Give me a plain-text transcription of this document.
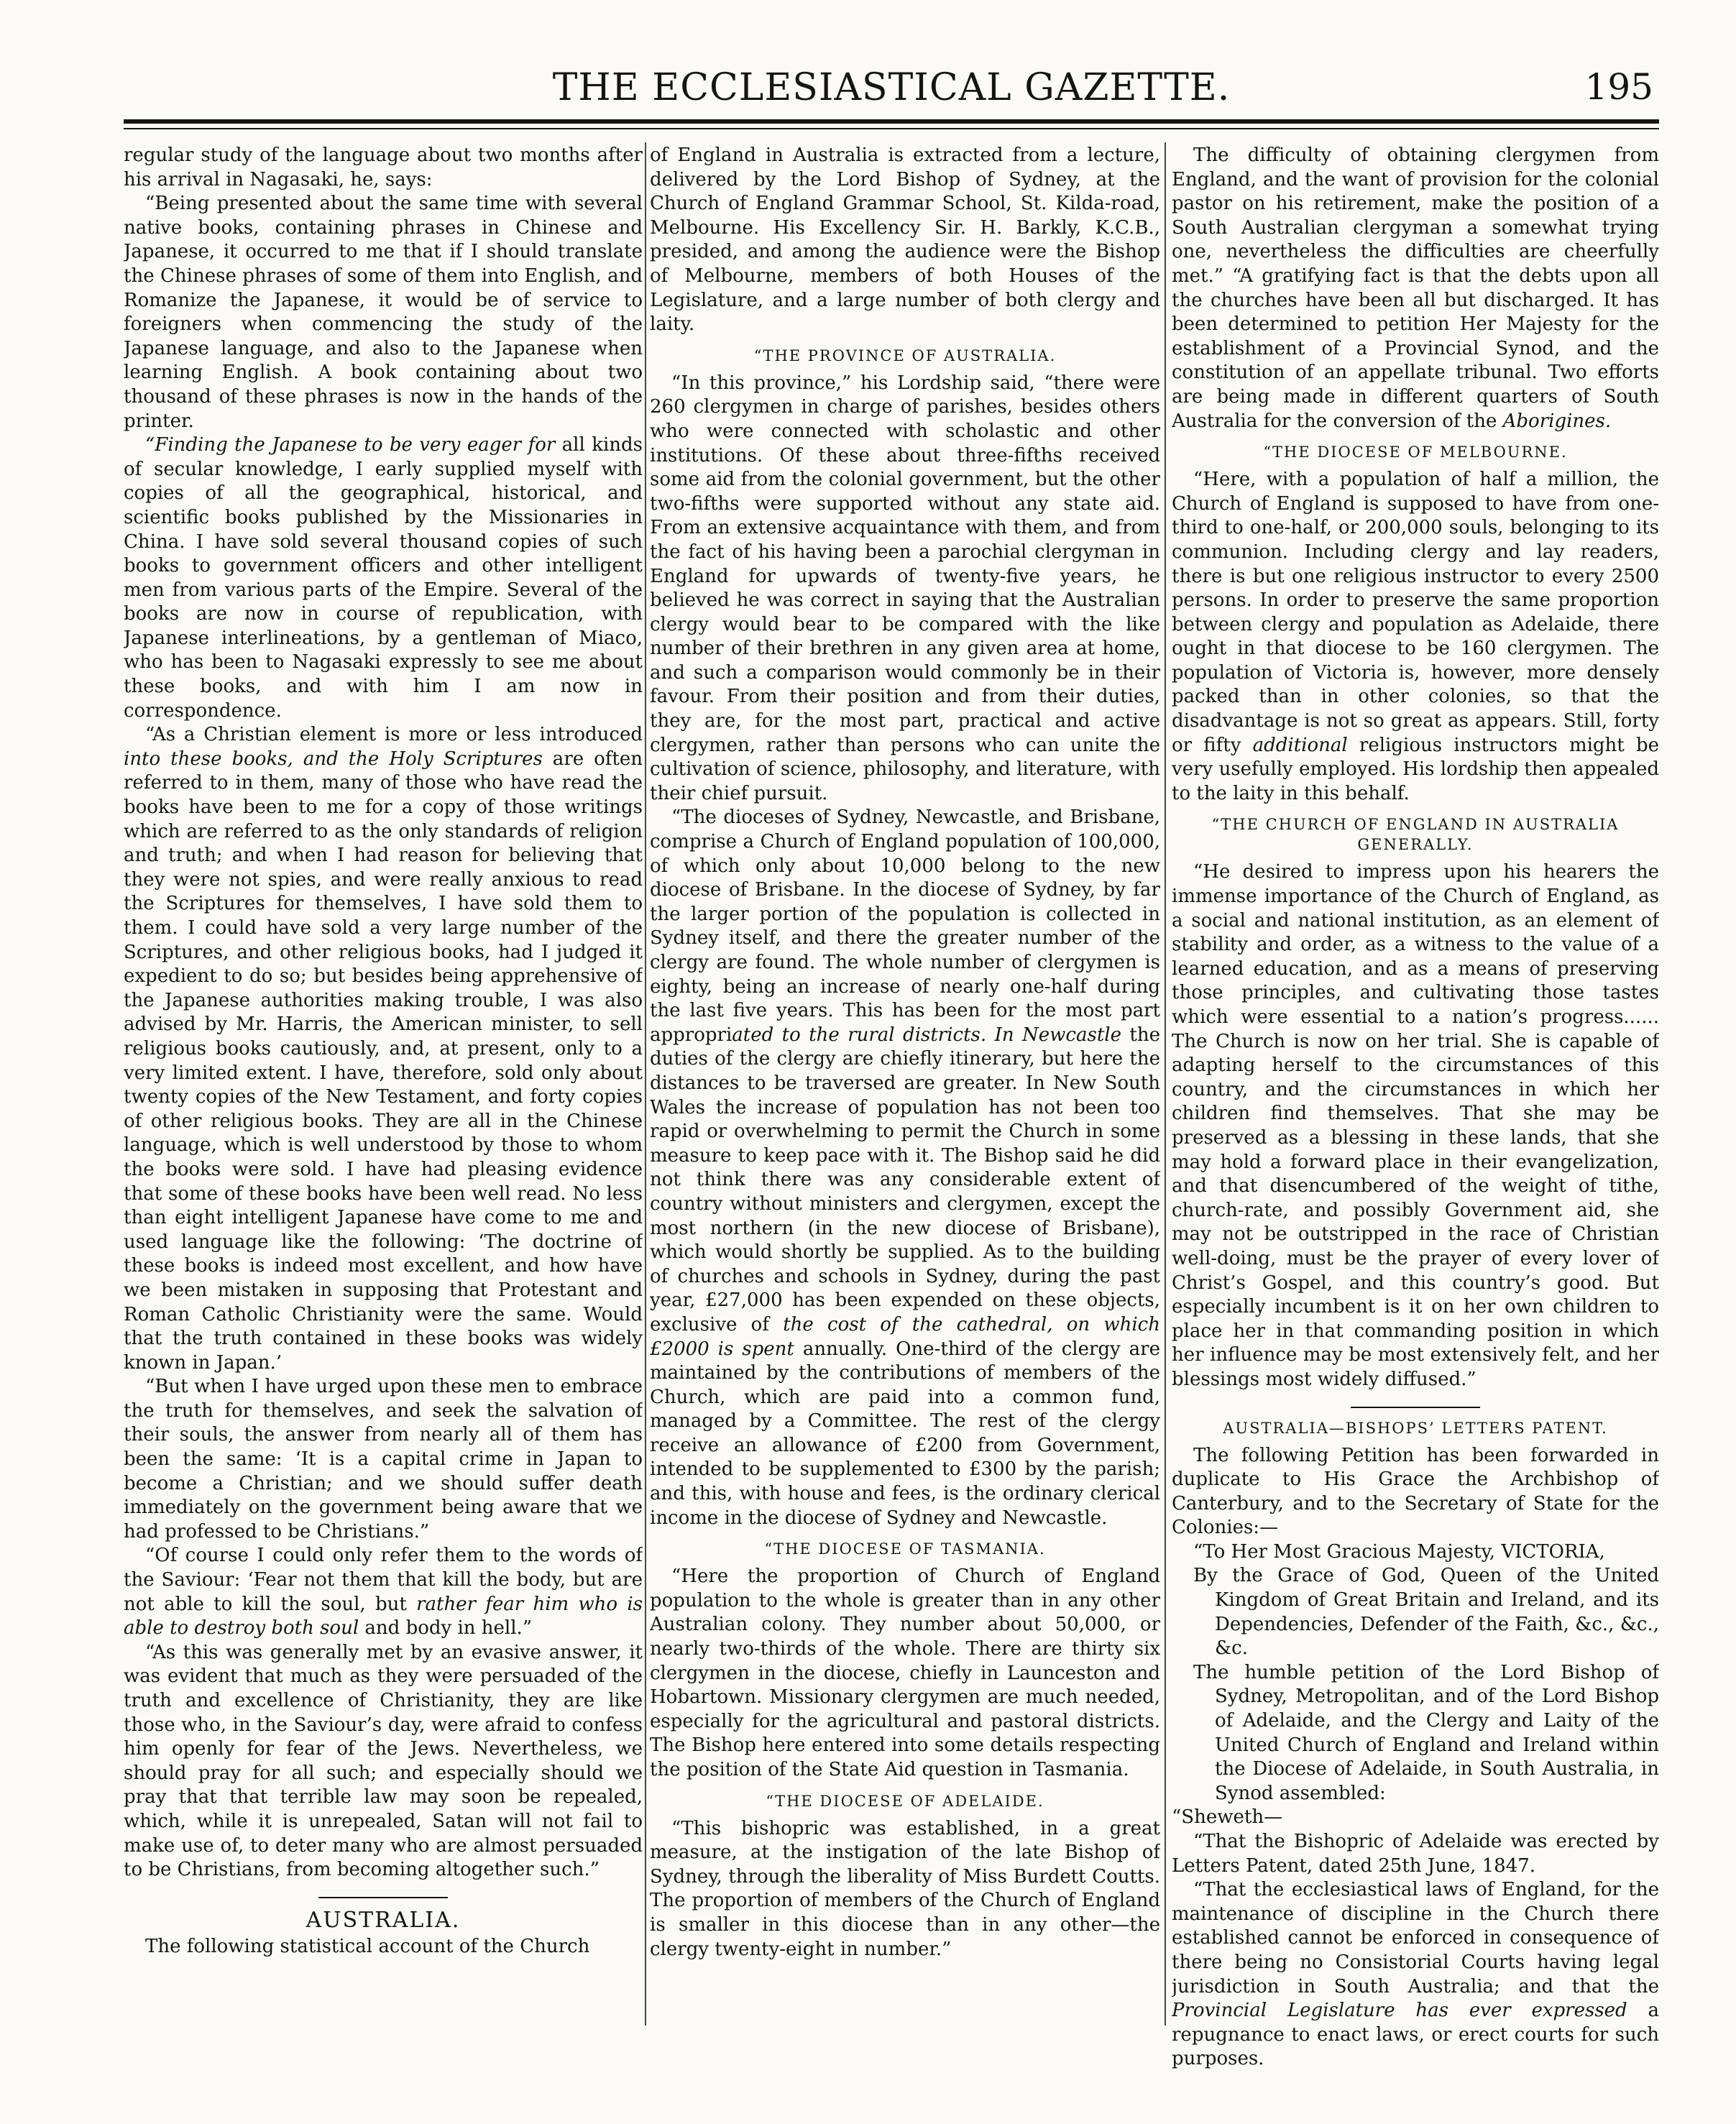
THE ECCLESIASTICAL GAZETTE.	195

regular study of the language about two months after his arrival in Nagasaki, he, says:

“Being presented about the same time with several native books, containing phrases in Chinese and Japanese, it occurred to me that if I should translate the Chinese phrases of some of them into English, and Romanize the Japanese, it would be of service to foreigners when commencing the study of the Japanese language, and also to the Japanese when learning English. A book containing about two thousand of these phrases is now in the hands of the printer.

“Finding the Japanese to be very eager for all kinds of secular knowledge, I early supplied myself with copies of all the geographical, historical, and scientific books published by the Missionaries in China. I have sold several thousand copies of such books to government officers and other intelligent men from various parts of the Empire. Several of the books are now in course of republication, with Japanese interlineations, by a gentleman of Miaco, who has been to Nagasaki expressly to see me about these books, and with him I am now in correspondence.

“As a Christian element is more or less introduced into these books, and the Holy Scriptures are often referred to in them, many of those who have read the books have been to me for a copy of those writings which are referred to as the only standards of religion and truth; and when I had reason for believing that they were not spies, and were really anxious to read the Scriptures for themselves, I have sold them to them. I could have sold a very large number of the Scriptures, and other religious books, had I judged it expedient to do so; but besides being apprehensive of the Japanese authorities making trouble, I was also advised by Mr. Harris, the American minister, to sell religious books cautiously, and, at present, only to a very limited extent. I have, therefore, sold only about twenty copies of the New Testament, and forty copies of other religious books. They are all in the Chinese language, which is well understood by those to whom the books were sold. I have had pleasing evidence that some of these books have been well read. No less than eight intelligent Japanese have come to me and used language like the following: ‘The doctrine of these books is indeed most excellent, and how have we been mistaken in supposing that Protestant and Roman Catholic Christianity were the same. Would that the truth contained in these books was widely known in Japan.’

“But when I have urged upon these men to embrace the truth for themselves, and seek the salvation of their souls, the answer from nearly all of them has been the same: ‘It is a capital crime in Japan to become a Christian; and we should suffer death immediately on the government being aware that we had professed to be Christians.”

“Of course I could only refer them to the words of the Saviour: ‘Fear not them that kill the body, but are not able to kill the soul, but rather fear him who is able to destroy both soul and body in hell.”

“As this was generally met by an evasive answer, it was evident that much as they were persuaded of the truth and excellence of Christianity, they are like those who, in the Saviour’s day, were afraid to confess him openly for fear of the Jews. Nevertheless, we should pray for all such; and especially should we pray that that terrible law may soon be repealed, which, while it is unrepealed, Satan will not fail to make use of, to deter many who are almost persuaded to be Christians, from becoming altogether such.”

AUSTRALIA.

The following statistical account of the Church

of England in Australia is extracted from a lecture, delivered by the Lord Bishop of Sydney, at the Church of England Grammar School, St. Kilda-road, Melbourne. His Excellency Sir. H. Barkly, K.C.B., presided, and among the audience were the Bishop of Melbourne, members of both Houses of the Legislature, and a large number of both clergy and laity.

“THE PROVINCE OF AUSTRALIA.

“In this province,” his Lordship said, “there were 260 clergymen in charge of parishes, besides others who were connected with scholastic and other institutions. Of these about three-fifths received some aid from the colonial government, but the other two-fifths were supported without any state aid. From an extensive acquaintance with them, and from the fact of his having been a parochial clergyman in England for upwards of twenty-five years, he believed he was correct in saying that the Australian clergy would bear to be compared with the like number of their brethren in any given area at home, and such a comparison would commonly be in their favour. From their position and from their duties, they are, for the most part, practical and active clergymen, rather than persons who can unite the cultivation of science, philosophy, and literature, with their chief pursuit.

“The dioceses of Sydney, Newcastle, and Brisbane, comprise a Church of England population of 100,000, of which only about 10,000 belong to the new diocese of Brisbane. In the diocese of Sydney, by far the larger portion of the population is collected in Sydney itself, and there the greater number of the clergy are found. The whole number of clergymen is eighty, being an increase of nearly one-half during the last five years. This has been for the most part appropriated to the rural districts. In Newcastle the duties of the clergy are chiefly itinerary, but here the distances to be traversed are greater. In New South Wales the increase of population has not been too rapid or overwhelming to permit the Church in some measure to keep pace with it. The Bishop said he did not think there was any considerable extent of country without ministers and clergymen, except the most northern (in the new diocese of Brisbane), which would shortly be supplied. As to the building of churches and schools in Sydney, during the past year, £27,000 has been expended on these objects, exclusive of the cost of the cathedral, on which £2000 is spent annually. One-third of the clergy are maintained by the contributions of members of the Church, which are paid into a common fund, managed by a Committee. The rest of the clergy receive an allowance of £200 from Government, intended to be supplemented to £300 by the parish; and this, with house and fees, is the ordinary clerical income in the diocese of Sydney and Newcastle.

“THE DIOCESE OF TASMANIA.

“Here the proportion of Church of England population to the whole is greater than in any other Australian colony. They number about 50,000, or nearly two-thirds of the whole. There are thirty six clergymen in the diocese, chiefly in Launceston and Hobartown. Missionary clergymen are much needed, especially for the agricultural and pastoral districts. The Bishop here entered into some details respecting the position of the State Aid question in Tasmania.

“THE DIOCESE OF ADELAIDE.

“This bishopric was established, in a great measure, at the instigation of the late Bishop of Sydney, through the liberality of Miss Burdett Coutts. The proportion of members of the Church of England is smaller in this diocese than in any other—the clergy twenty-eight in number.”

The difficulty of obtaining clergymen from England, and the want of provision for the colonial pastor on his retirement, make the position of a South Australian clergyman a somewhat trying one, nevertheless the difficulties are cheerfully met.” “A gratifying fact is that the debts upon all the churches have been all but discharged. It has been determined to petition Her Majesty for the establishment of a Provincial Synod, and the constitution of an appellate tribunal. Two efforts are being made in different quarters of South Australia for the conversion of the Aborigines.

“THE DIOCESE OF MELBOURNE.

“Here, with a population of half a million, the Church of England is supposed to have from one-third to one-half, or 200,000 souls, belonging to its communion. Including clergy and lay readers, there is but one religious instructor to every 2500 persons. In order to preserve the same proportion between clergy and population as Adelaide, there ought in that diocese to be 160 clergymen. The population of Victoria is, however, more densely packed than in other colonies, so that the disadvantage is not so great as appears. Still, forty or fifty additional religious instructors might be very usefully employed. His lordship then appealed to the laity in this behalf.

“THE CHURCH OF ENGLAND IN AUSTRALIA GENERALLY.

“He desired to impress upon his hearers the immense importance of the Church of England, as a social and national institution, as an element of stability and order, as a witness to the value of a learned education, and as a means of preserving those principles, and cultivating those tastes which were essential to a nation’s progress...... The Church is now on her trial. She is capable of adapting herself to the circumstances of this country, and the circumstances in which her children find themselves. That she may be preserved as a blessing in these lands, that she may hold a forward place in their evangelization, and that disencumbered of the weight of tithe, church-rate, and possibly Government aid, she may not be outstripped in the race of Christian well-doing, must be the prayer of every lover of Christ’s Gospel, and this country’s good. But especially incumbent is it on her own children to place her in that commanding position in which her influence may be most extensively felt, and her blessings most widely diffused.”

AUSTRALIA—BISHOPS’ LETTERS PATENT.

The following Petition has been forwarded in duplicate to His Grace the Archbishop of Canterbury, and to the Secretary of State for the Colonies:—

“To Her Most Gracious Majesty, VICTORIA,

By the Grace of God, Queen of the United Kingdom of Great Britain and Ireland, and its Dependencies, Defender of the Faith, &c., &c., &c.

The humble petition of the Lord Bishop of Sydney, Metropolitan, and of the Lord Bishop of Adelaide, and the Clergy and Laity of the United Church of England and Ireland within the Diocese of Adelaide, in South Australia, in Synod assembled:

“Sheweth—

“That the Bishopric of Adelaide was erected by Letters Patent, dated 25th June, 1847.

“That the ecclesiastical laws of England, for the maintenance of discipline in the Church there established cannot be enforced in consequence of there being no Consistorial Courts having legal jurisdiction in South Australia; and that the Provincial Legislature has ever expressed a repugnance to enact laws, or erect courts for such purposes.
